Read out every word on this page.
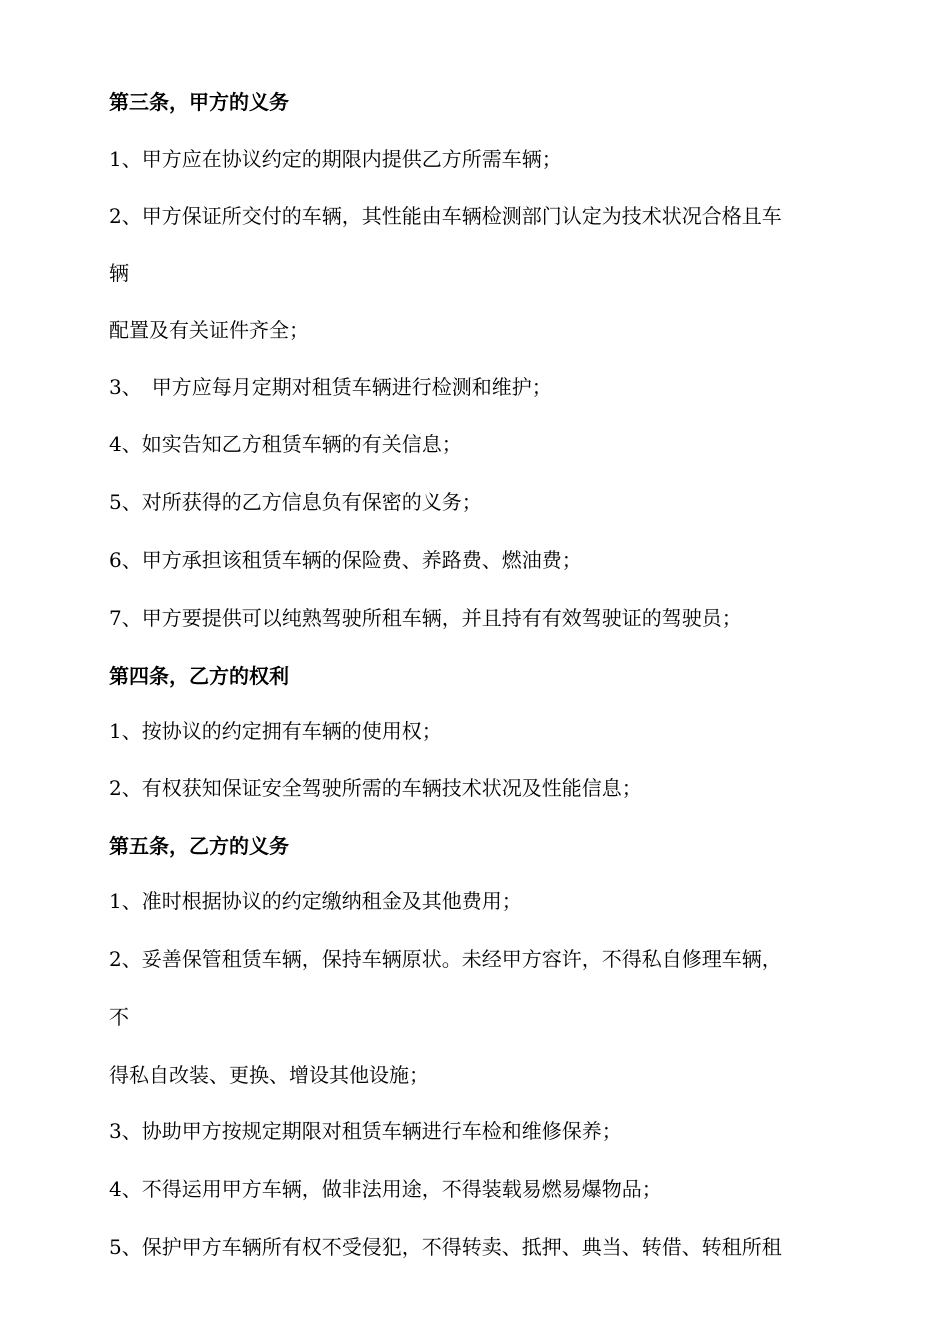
第三条，甲方的义务
1、甲方应在协议约定的期限内提供乙方所需车辆；
2、甲方保证所交付的车辆，其性能由车辆检测部门认定为技术状况合格且车
辆
配置及有关证件齐全；
3、　甲方应每月定期对租赁车辆进行检测和维护；
4、如实告知乙方租赁车辆的有关信息；
5、对所获得的乙方信息负有保密的义务；
6、甲方承担该租赁车辆的保险费、养路费、燃油费；
7、甲方要提供可以纯熟驾驶所租车辆，并且持有有效驾驶证的驾驶员；
第四条，乙方的权利
1、按协议的约定拥有车辆的使用权；
2、有权获知保证安全驾驶所需的车辆技术状况及性能信息；
第五条，乙方的义务
1、准时根据协议的约定缴纳租金及其他费用；
2、妥善保管租赁车辆，保持车辆原状。未经甲方容许，不得私自修理车辆，
不
得私自改装、更换、增设其他设施；
3、协助甲方按规定期限对租赁车辆进行车检和维修保养；
4、不得运用甲方车辆，做非法用途，不得装载易燃易爆物品；
5、保护甲方车辆所有权不受侵犯，不得转卖、抵押、典当、转借、转租所租
